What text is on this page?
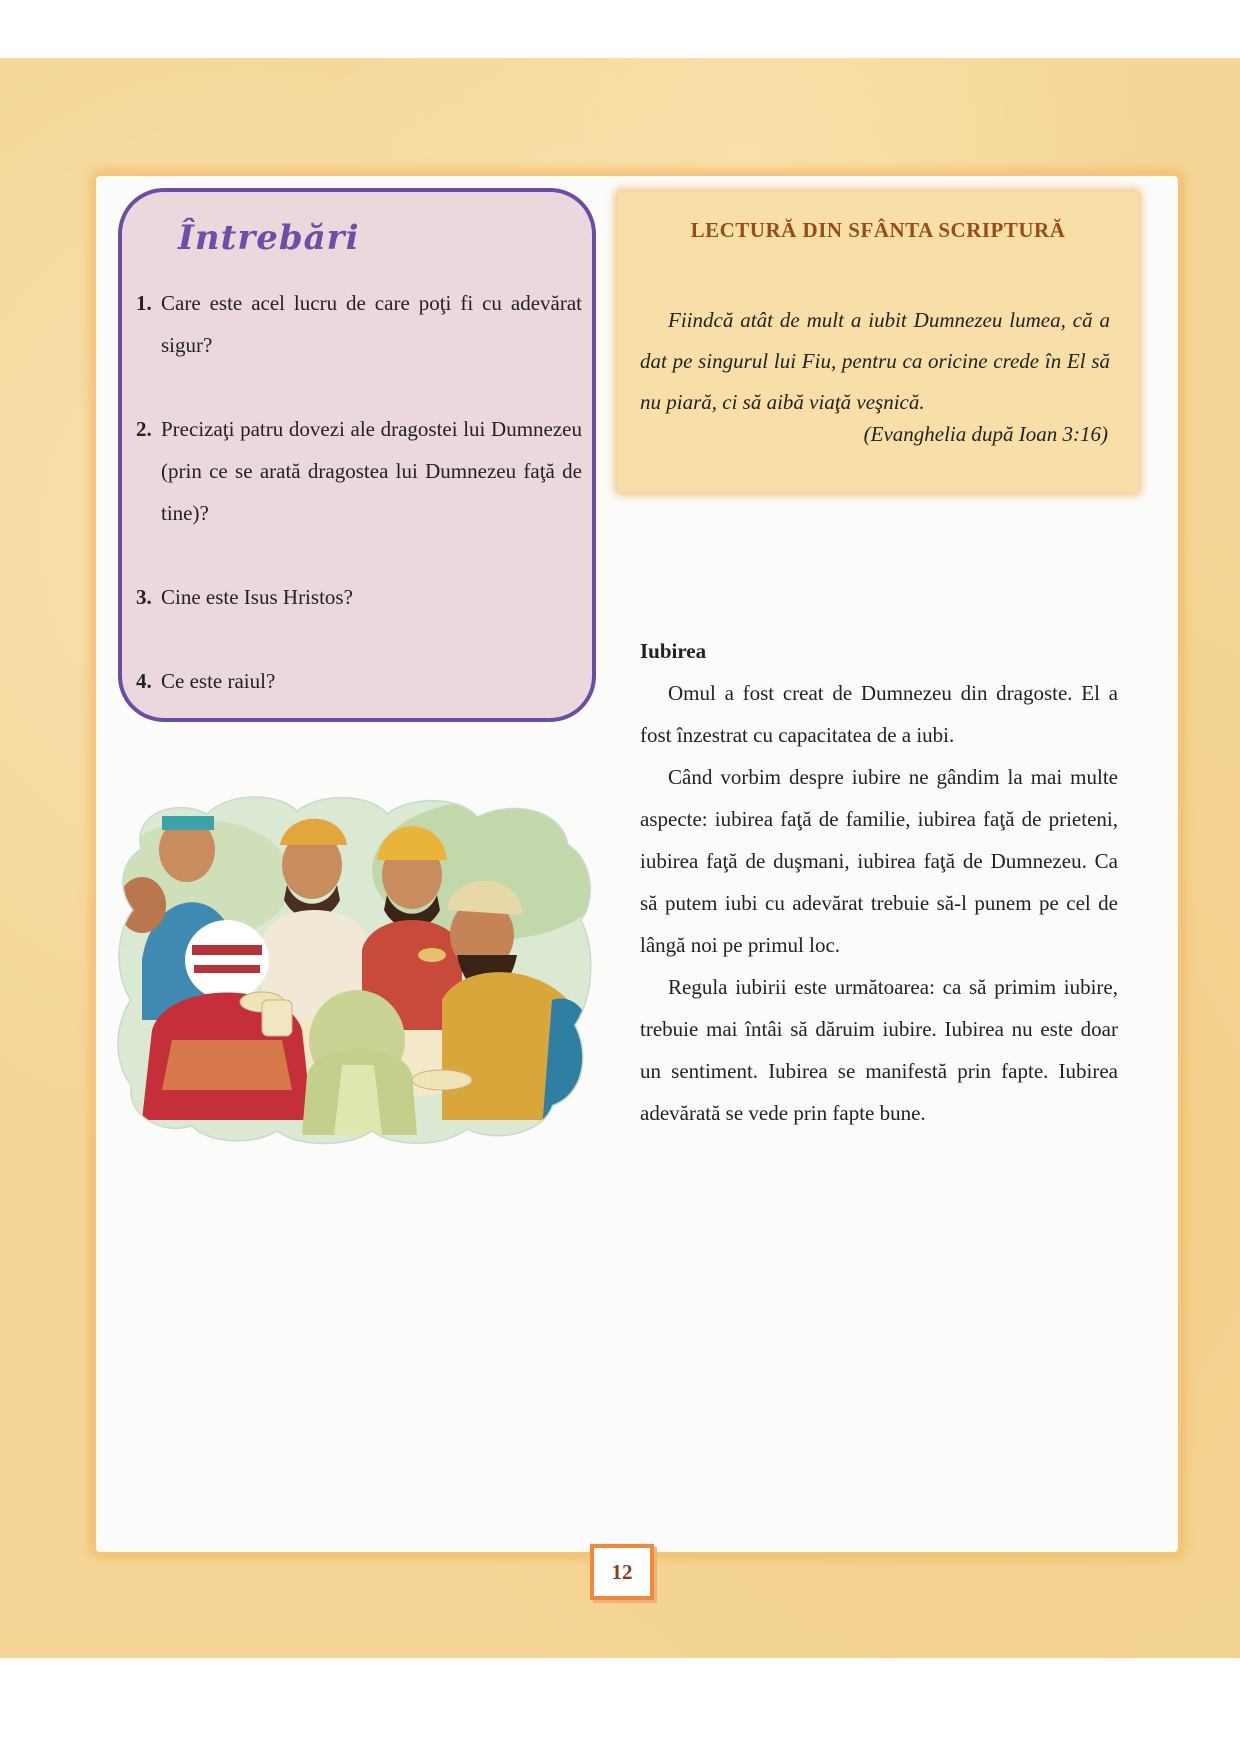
Întrebări
1. Care este acel lucru de care poţi fi cu adevărat sigur?
2. Precizaţi patru dovezi ale dragostei lui Dumnezeu (prin ce se arată dragostea lui Dumnezeu faţă de tine)?
3. Cine este Isus Hristos?
4. Ce este raiul?
LECTURĂ DIN SFÂNTA SCRIPTURĂ
Fiindcă atât de mult a iubit Dumnezeu lumea, că a dat pe singurul lui Fiu, pentru ca oricine crede în El să nu piară, ci să aibă viaţă veşnică.
(Evanghelia după Ioan 3:16)
Iubirea

Omul a fost creat de Dumnezeu din dragoste. El a fost înzestrat cu capacitatea de a iubi.

Când vorbim despre iubire ne gândim la mai multe aspecte: iubirea faţă de familie, iubirea faţă de prieteni, iubirea faţă de duşmani, iubirea faţă de Dumnezeu. Ca să putem iubi cu adevărat trebuie să-l punem pe cel de lângă noi pe primul loc.

Regula iubirii este următoarea: ca să primim iubire, trebuie mai întâi să dăruim iubire. Iubirea nu este doar un sentiment. Iubirea se manifestă prin fapte. Iubirea adevărată se vede prin fapte bune.

12
